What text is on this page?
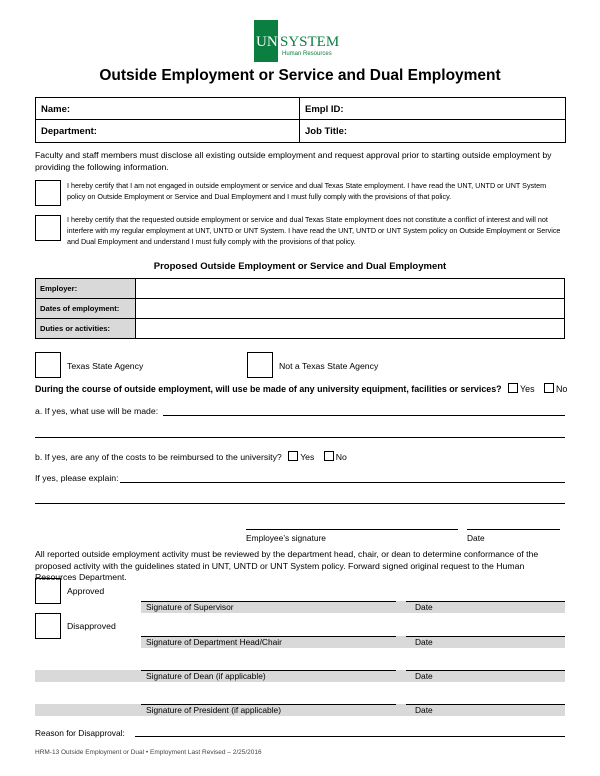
UNT
SYSTEM
Human Resources
Outside Employment or Service and Dual Employment
Name:	Empl ID:
Department:	Job Title:
Faculty and staff members must disclose all existing outside employment and request approval prior to starting outside employment by providing the following information.
I hereby certify that I am not engaged in outside employment or service and dual Texas State employment. I have read the UNT, UNTD or UNT System policy on Outside Employment or Service and Dual Employment and I must fully comply with the provisions of that policy.
I hereby certify that the requested outside employment or service and dual Texas State employment does not constitute a conflict of interest and will not interfere with my regular employment at UNT, UNTD or UNT System. I have read the UNT, UNTD or UNT System policy on Outside Employment or Service and Dual Employment and understand I must fully comply with the provisions of that policy.
Proposed Outside Employment or Service and Dual Employment
Employer:	
Dates of employment:	
Duties or activities:	
Texas State Agency	Not a Texas State Agency
During the course of outside employment, will use be made of any university equipment, facilities or services? Yes No
a. If yes, what use will be made:
b. If yes, are any of the costs to be reimbursed to the university? Yes No
If yes, please explain:
Employee’s signature	Date
All reported outside employment activity must be reviewed by the department head, chair, or dean to determine conformance of the proposed activity with the guidelines stated in UNT, UNTD or UNT System policy. Forward signed original request to the Human Resources Department.
Approved
Disapproved
Signature of Supervisor	Date
Signature of Department Head/Chair	Date
Signature of Dean (if applicable)	Date
Signature of President (if applicable)	Date
Reason for Disapproval:
HRM-13 Outside Employment or Dual • Employment Last Revised – 2/25/2016
